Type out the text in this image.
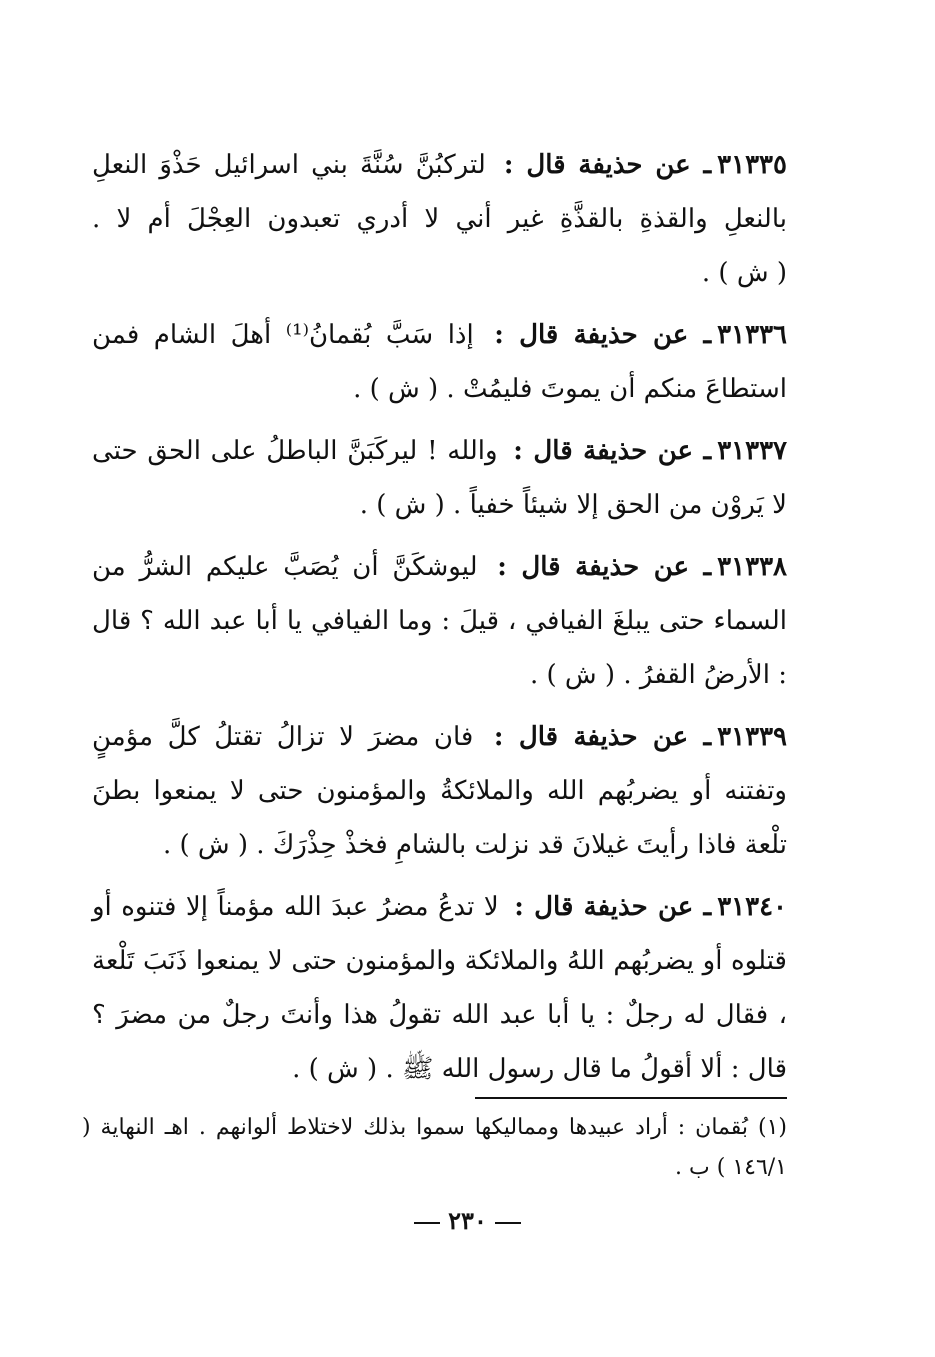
٣١٣٣٥ـ عن حذيفة قال : لتركبُنَّ سُنَّةَ بني اسرائيل حَذْوَ النعلِ بالنعلِ والقذةِ بالقذَّةِ غير أني لا أدري تعبدون العِجْلَ أم لا . ( ش ) .

٣١٣٣٦ـ عن حذيفة قال : إذا سَبَّ بُقمانُ⁽¹⁾ أهلَ الشام فمن استطاعَ منكم أن يموتَ فليمُتْ . ( ش ) .

٣١٣٣٧ـ عن حذيفة قال : والله ! ليركَبَنَّ الباطلُ على الحق حتى لا يَروْن من الحق إلا شيئاً خفياً . ( ش ) .

٣١٣٣٨ـ عن حذيفة قال : ليوشكَنَّ أن يُصَبَّ عليكم الشرُّ من السماء حتى يبلغَ الفيافي ، قيلَ : وما الفيافي يا أبا عبد الله ؟ قال : الأرضُ القفرُ . ( ش ) .

٣١٣٣٩ـ عن حذيفة قال : فان مضرَ لا تزالُ تقتلُ كلَّ مؤمنٍ وتفتنه أو يضربُهم الله والملائكةُ والمؤمنون حتى لا يمنعوا بطنَ تلْعة فاذا رأيتَ غيلانَ قد نزلت بالشامِ فخذْ حِذْرَكَ . ( ش ) .

٣١٣٤٠ـ عن حذيفة قال : لا تدعُ مضرُ عبدَ الله مؤمناً إلا فتنوه أو قتلوه أو يضربُهم اللهُ والملائكة والمؤمنون حتى لا يمنعوا ذَنَبَ تَلْعة ، فقال له رجلٌ : يا أبا عبد الله تقولُ هذا وأنتَ رجلٌ من مضرَ ؟ قال : ألا أقولُ ما قال رسول الله ﷺ . ( ش ) .

(١) بُقمان : أراد عبيدها ومماليكها سموا بذلك لاختلاط ألوانهم . اهـ النهاية ( ١٤٦/١ ) ب .
٢٣٠
